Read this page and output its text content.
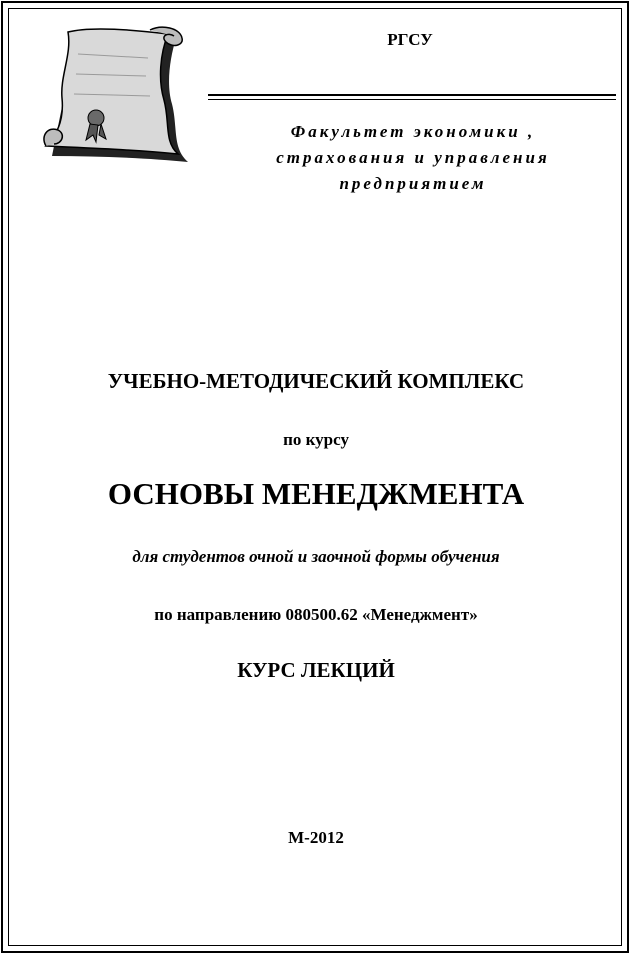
РГСУ
Факультет экономики ,
страхования и управления
предприятием
УЧЕБНО-МЕТОДИЧЕСКИЙ КОМПЛЕКС
по курсу
ОСНОВЫ МЕНЕДЖМЕНТА
для студентов очной и заочной формы обучения
по направлению 080500.62 «Менеджмент»
КУРС ЛЕКЦИЙ
М-2012
